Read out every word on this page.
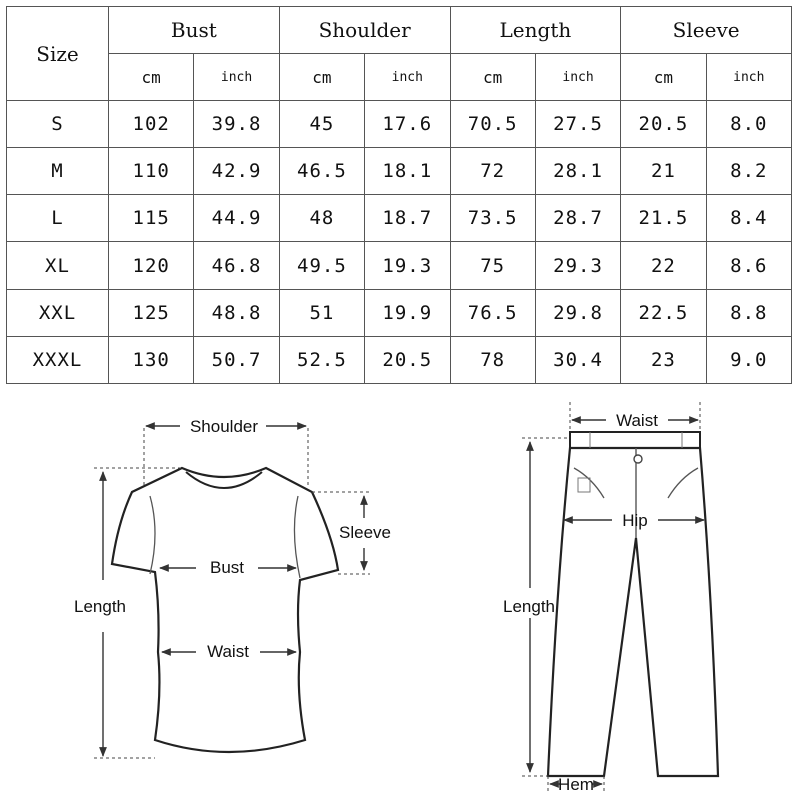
Size	Bust		Shoulder		Length		Sleeve	
	cm	inch	cm	inch	cm	inch	cm	inch
S	102	39.8	45	17.6	70.5	27.5	20.5	8.0
M	110	42.9	46.5	18.1	72	28.1	21	8.2
L	115	44.9	48	18.7	73.5	28.7	21.5	8.4
XL	120	46.8	49.5	19.3	75	29.3	22	8.6
XXL	125	48.8	51	19.9	76.5	29.8	22.5	8.8
XXXL	130	50.7	52.5	20.5	78	30.4	23	9.0
Shoulder
Length
Sleeve
Bust
Waist
Waist
Hip
Length
Hem
